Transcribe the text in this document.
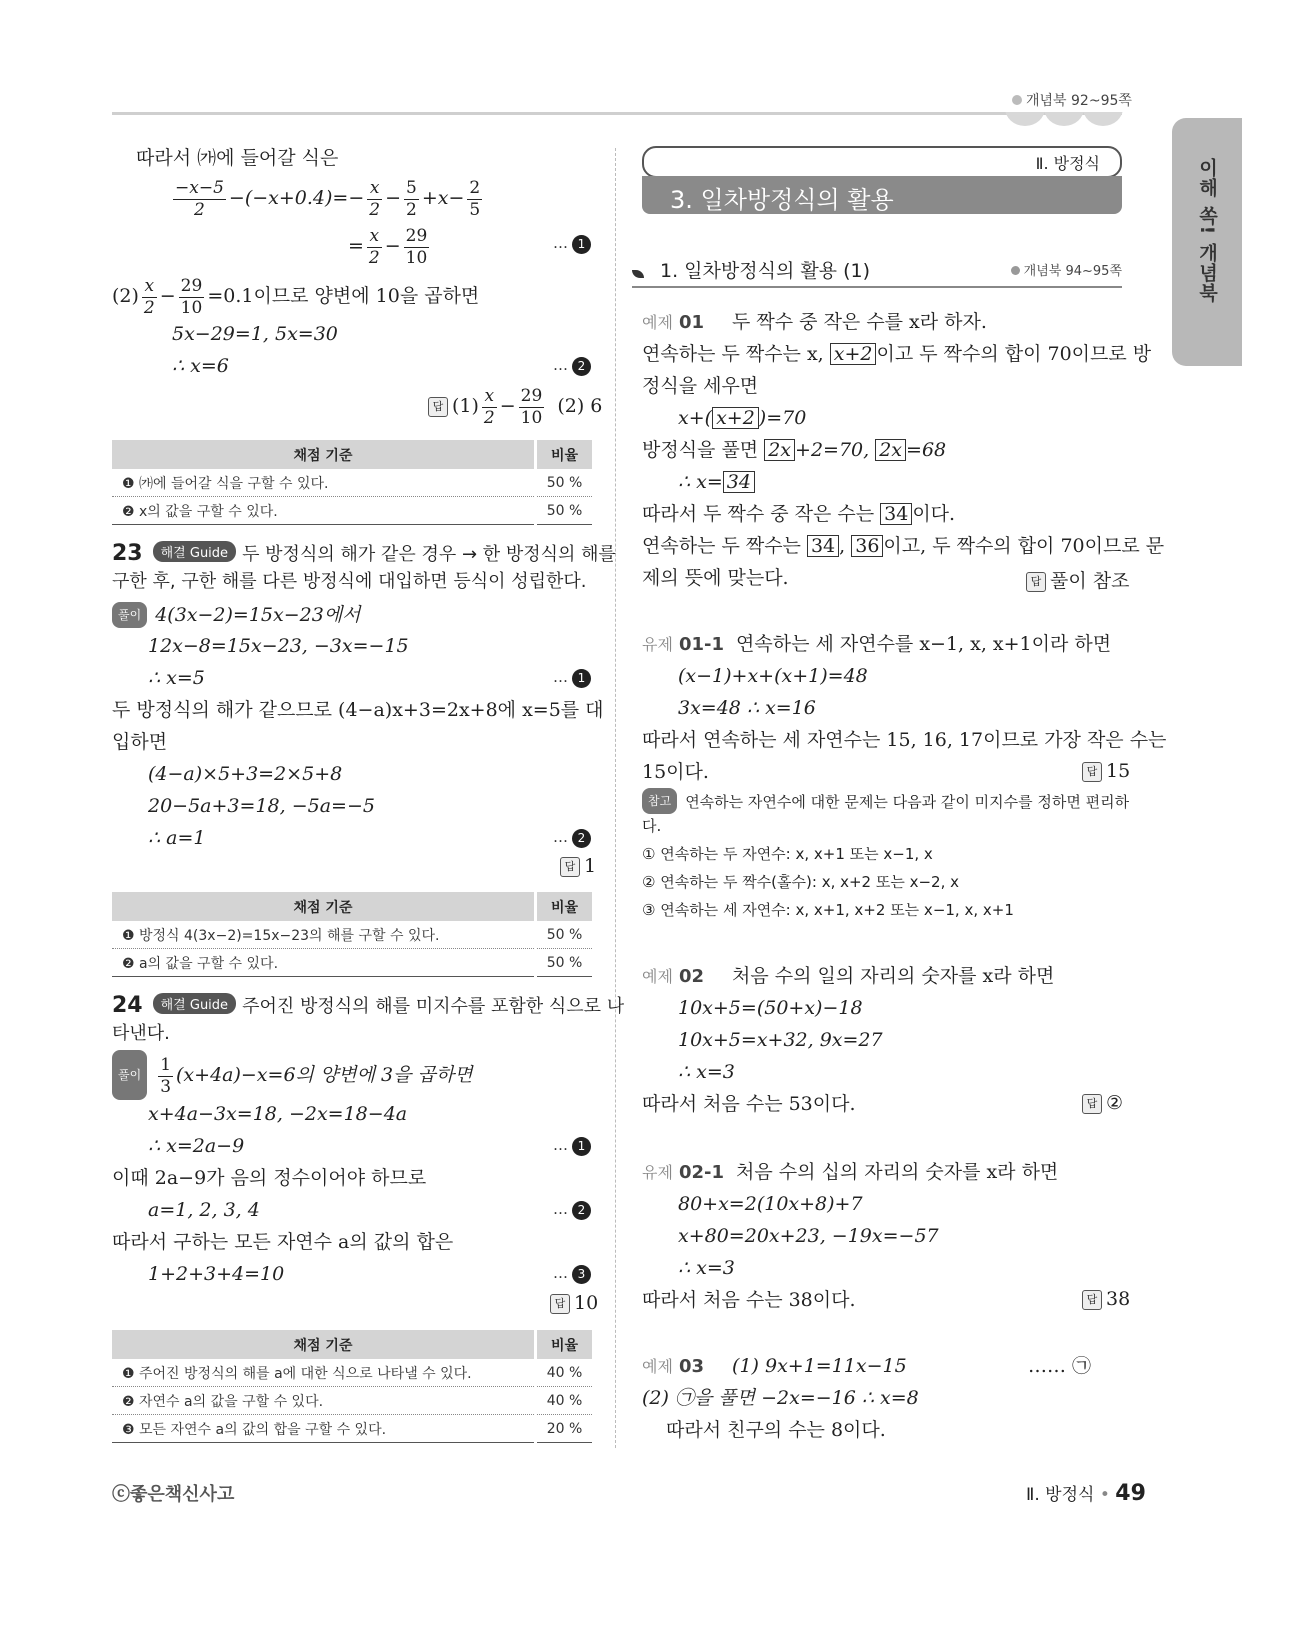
개념북 92~95쪽
이해 쏙! 개념북
따라서 ㈎에 들어갈 식은
$\frac{-x-5}{2} -(-x+0.4)=- \frac{x}{2} - \frac{5}{2} +x- \frac{2}{5}$
= $\frac{x}{2} - \frac{29}{10}$	… 1
$(2) \frac{x}{2} - \frac{29}{10} =0.1$이므로 양변에 10을 곱하면
5x−29=1, 5x=30
∴ x=6	… 2
답 $(1) \frac{x}{2} - \frac{29}{10} (2)$ 6
채점 기준	비율
❶ ㈎에 들어갈 식을 구할 수 있다.	50 %
❷ x의 값을 구할 수 있다.	50 %
23 해결 Guide 두 방정식의 해가 같은 경우 → 한 방정식의 해를
구한 후, 구한 해를 다른 방정식에 대입하면 등식이 성립한다.
풀이 4(3x−2)=15x−23에서
12x−8=15x−23, −3x=−15
∴ x=5	… 1
두 방정식의 해가 같으므로 (4−a)x+3=2x+8에 x=5를 대
입하면
(4−a)×5+3=2×5+8
20−5a+3=18, −5a=−5
∴ a=1	… 2
답 1
채점 기준	비율
❶ 방정식 4(3x−2)=15x−23의 해를 구할 수 있다.	50 %
❷ a의 값을 구할 수 있다.	50 %
24 해결 Guide 주어진 방정식의 해를 미지수를 포함한 식으로 나
타낸다.
풀이 $\frac{1}{3} (x+4a)-x=6$의 양변에 3을 곱하면
x+4a−3x=18, −2x=18−4a
∴ x=2a−9	… 1
이때 2a−9가 음의 정수이어야 하므로
a=1, 2, 3, 4	… 2
따라서 구하는 모든 자연수 a의 값의 합은
1+2+3+4=10	… 3
답 10
채점 기준	비율
❶ 주어진 방정식의 해를 a에 대한 식으로 나타낼 수 있다.	40 %
❷ 자연수 a의 값을 구할 수 있다.	40 %
❸ 모든 자연수 a의 값의 합을 구할 수 있다.	20 %
Ⅱ. 방정식
3. 일차방정식의 활용
1. 일차방정식의 활용 (1)	개념북 94~95쪽
예제 01 두 짝수 중 작은 수를 x라 하자.
연속하는 두 짝수는 x, x+2 이고 두 짝수의 합이 70이므로 방
정식을 세우면
x+( x+2 )=70
방정식을 풀면 2x +2=70, 2x =68
∴ x= 34
따라서 두 짝수 중 작은 수는 34 이다.
연속하는 두 짝수는 34 , 36 이고, 두 짝수의 합이 70이므로 문
제의 뜻에 맞는다.	답 풀이 참조
유제 01-1 연속하는 세 자연수를 x−1, x, x+1이라 하면
(x−1)+x+(x+1)=48
3x=48 ∴ x=16
따라서 연속하는 세 자연수는 15, 16, 17이므로 가장 작은 수는
15이다.	답 15
참고 연속하는 자연수에 대한 문제는 다음과 같이 미지수를 정하면 편리하
다.
① 연속하는 두 자연수: x, x+1 또는 x−1, x
② 연속하는 두 짝수(홀수): x, x+2 또는 x−2, x
③ 연속하는 세 자연수: x, x+1, x+2 또는 x−1, x, x+1
예제 02 처음 수의 일의 자리의 숫자를 x라 하면
10x+5=(50+x)−18
10x+5=x+32, 9x=27
∴ x=3
따라서 처음 수는 53이다.	답 ②
유제 02-1 처음 수의 십의 자리의 숫자를 x라 하면
80+x=2(10x+8)+7
x+80=20x+23, −19x=−57
∴ x=3
따라서 처음 수는 38이다.	답 38
예제 03 (1) 9x+1=11x−15	…… ㉠
(2) ㉠을 풀면 −2x=−16 ∴ x=8
따라서 친구의 수는 8이다.
ⓒ좋은책신사고	Ⅱ. 방정식 • 49
